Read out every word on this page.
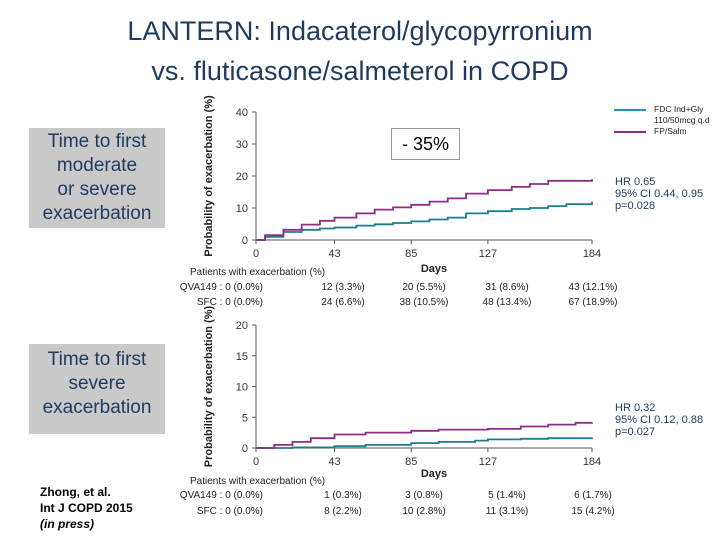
LANTERN: Indacaterol/glycopyrronium
vs. fluticasone/salmeterol in COPD
Time to first
moderate
or severe
exacerbation
Time to first
severe
exacerbation
Zhong, et al.
Int J COPD 2015
(in press)
FDC Ind+Gly
110/50mcg q.d
FP/Salm
HR 0.65
95% CI 0.44, 0.95
p=0.028
HR 0.32
95% CI 0.12, 0.88
p=0.027
0
10
20
30
40
0	43	85	127	184
Days
Probability of exacerbation (%)
Patients with exacerbation (%)
QVA149 : 0 (0.0%)	12 (3.3%)	20 (5.5%)	31 (8.6%)	43 (12.1%)
SFC : 0 (0.0%)	24 (6.6%)	38 (10.5%)	48 (13.4%)	67 (18.9%)
0
5
10
15
20
0	43	85	127	184
Days
Probability of exacerbation (%)
Patients with exacerbation (%)
QVA149 : 0 (0.0%)	1 (0.3%)	3 (0.8%)	5 (1.4%)	6 (1.7%)
SFC : 0 (0.0%)	8 (2.2%)	10 (2.8%)	11 (3.1%)	15 (4.2%)
- 35%
